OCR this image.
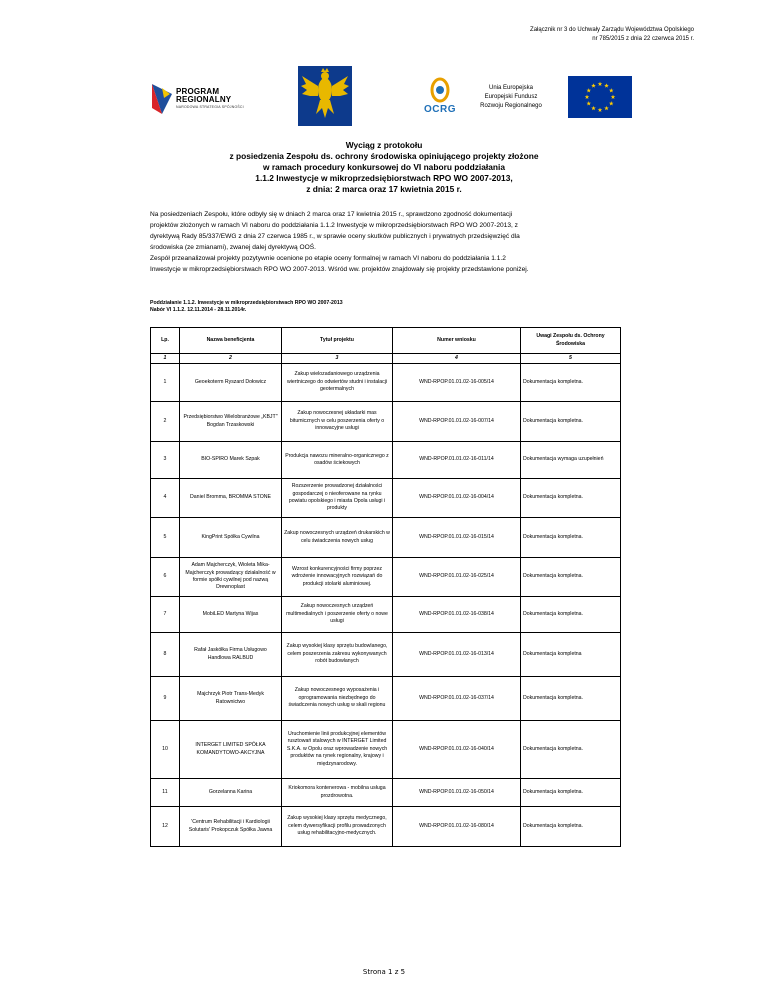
Załącznik nr 3 do Uchwały Zarządu Województwa Opolskiego
nr 785/2015 z dnia 22 czerwca 2015 r.
PROGRAM
REGIONALNY
NARODOWA STRATEGIA SPÓJNOŚCI	OCRG
Unia Europejska
Europejski Fundusz
Rozwoju Regionalnego
Wyciąg z protokołu
z posiedzenia Zespołu ds. ochrony środowiska opiniującego projekty złożone
w ramach procedury konkursowej do VI naboru poddziałania
1.1.2 Inwestycje w mikroprzedsiębiorstwach RPO WO 2007-2013,
z dnia: 2 marca oraz 17 kwietnia 2015 r.
Na posiedzeniach Zespołu, które odbyły się w dniach 2 marca oraz 17 kwietnia 2015 r., sprawdzono zgodność dokumentacji
projektów złożonych w ramach VI naboru do poddziałania 1.1.2 Inwestycje w mikroprzedsiębiorstwach RPO WO 2007-2013, z
dyrektywą Rady 85/337/EWG z dnia 27 czerwca 1985 r., w sprawie oceny skutków publicznych i prywatnych przedsięwzięć dla
środowiska (ze zmianami), zwanej dalej dyrektywą OOŚ.
Zespół przeanalizował projekty pozytywnie ocenione po etapie oceny formalnej w ramach VI naboru do poddziałania 1.1.2
Inwestycje w mikroprzedsiębiorstwach RPO WO 2007-2013. Wśród ww. projektów znajdowały się projekty przedstawione poniżej.
Poddziałanie 1.1.2. Inwestycje w mikroprzedsiębiorstwach RPO WO 2007-2013
Nabór VI 1.1.2. 12.11.2014 - 28.11.2014r.
Lp.	Nazwa beneficjenta	Tytuł projektu	Numer wniosku	Uwagi Zespołu ds. Ochrony Środowiska
1	2	3	4	5
1	Geoekoterm Ryszard Dołowicz	Zakup wielozadaniowego urządzenia wiertniczego do odwiertów studni i instalacji geotermalnych	WND-RPOP.01.01.02-16-005/14	Dokumentacja kompletna.
2	Przedsiębiorstwo Wielobranżowe „KBJT" Bogdan Trzaskowski	Zakup nowoczesnej układarki mas bitumicznych w celu poszerzenia oferty o innowacyjne usługi	WND-RPOP.01.01.02-16-007/14	Dokumentacja kompletna.
3	BIO-SPIRO Marek Szpak	Produkcja nawozu mineralno-organicznego z osadów ściekowych	WND-RPOP.01.01.02-16-011/14	Dokumentacja wymaga uzupełnień
4	Daniel Bromma, BROMMA STONE	Rozszerzenie prowadzonej działalności gospodarczej o nieoferowane na rynku powiatu opolskiego i miasta Opola usługi i produkty	WND-RPOP.01.01.02-16-004/14	Dokumentacja kompletna.
5	KingPrint Spółka Cywilna	Zakup nowoczesnych urządzeń drukarskich w celu świadczenia nowych usług	WND-RPOP.01.01.02-16-015/14	Dokumentacja kompletna.
6	Adam Majcherczyk, Wioleta Mika-Majcherczyk prowadzący działalność w formie spółki cywilnej pod nazwą Drewnoplast	Wzrost konkurencyjności firmy poprzez wdrożenie innowacyjnych rozwiązań do produkcji stolarki aluminiowej.	WND-RPOP.01.01.02-16-025/14	Dokumentacja kompletna.
7	MobiLED Martyna Wijas	Zakup nowoczesnych urządzeń multimedialnych i poszerzenie oferty o nowe usługi	WND-RPOP.01.01.02-16-038/14	Dokumentacja kompletna.
8	Rafał Jaskółka Firma Usługowo Handlowa RALBUD	Zakup wysokiej klasy sprzętu budowlanego, celem poszerzenia zakresu wykonywanych robót budowlanych	WND-RPOP.01.01.02-16-013/14	Dokumentacja kompletna
9	Majchrzyk Piotr Trans-Medyk Ratownictwo	Zakup nowoczesnego wyposażenia i oprogramowania niezbędnego do świadczenia nowych usług w skali regionu	WND-RPOP.01.01.02-16-037/14	Dokumentacja kompletna.
10	INTERGET LIMITED SPÓŁKA KOMANDYTOWO-AKCYJNA	Uruchomienie linii produkcyjnej elementów rusztowań stalowych w INTERGET Limited S.K.A. w Opolu oraz wprowadzenie nowych produktów na rynek regionalny, krajowy i międzynarodowy.	WND-RPOP.01.01.02-16-040/14	Dokumentacja kompletna.
11	Gorzelanna Karina	Kriokomora kontenerowa - mobilna usługa prozdrowotna.	WND-RPOP.01.01.02-16-050/14	Dokumentacja kompletna.
12	'Centrum Rehabilitacji i Kardiologii Solutaris' Prokopczuk Spółka Jawna	Zakup wysokiej klasy sprzętu medycznego, celem dywersyfikacji profilu prowadzonych usług rehabilitacyjno-medycznych.	WND-RPOP.01.01.02-16-080/14	Dokumentacja kompletna.
Strona 1 z 5
